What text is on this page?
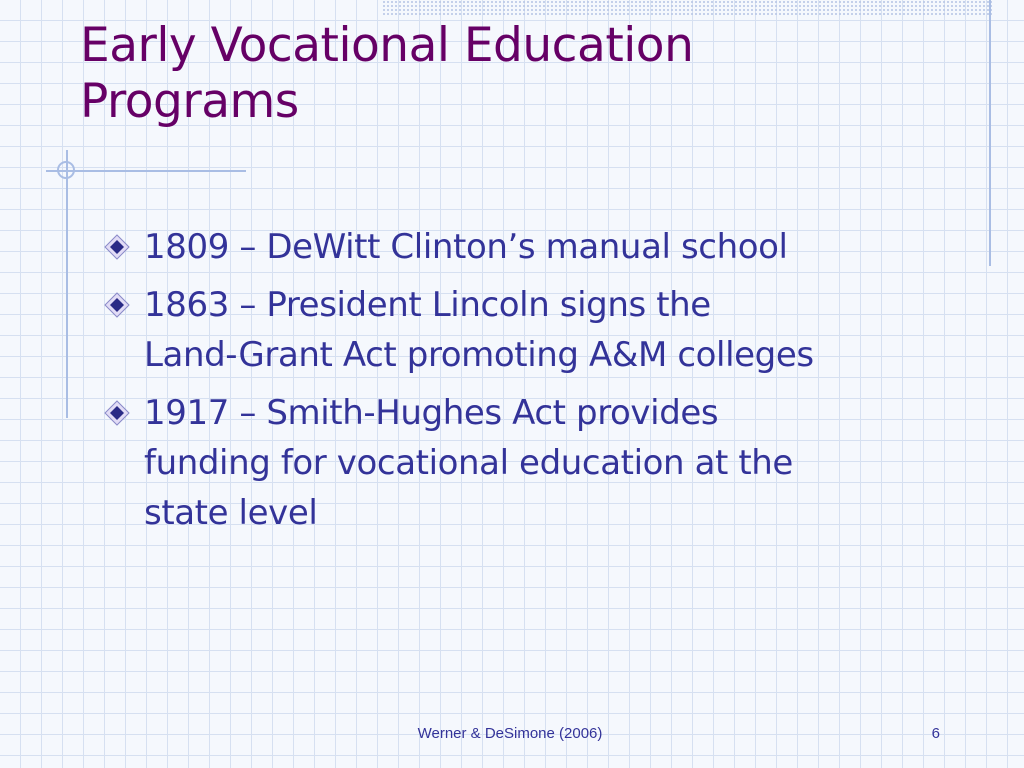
Early Vocational Education
Programs
1809 – DeWitt Clinton’s manual school
1863 – President Lincoln signs the
Land-Grant Act promoting A&M colleges
1917 – Smith-Hughes Act provides
funding for vocational education at the
state level
Werner & DeSimone (2006)	6
